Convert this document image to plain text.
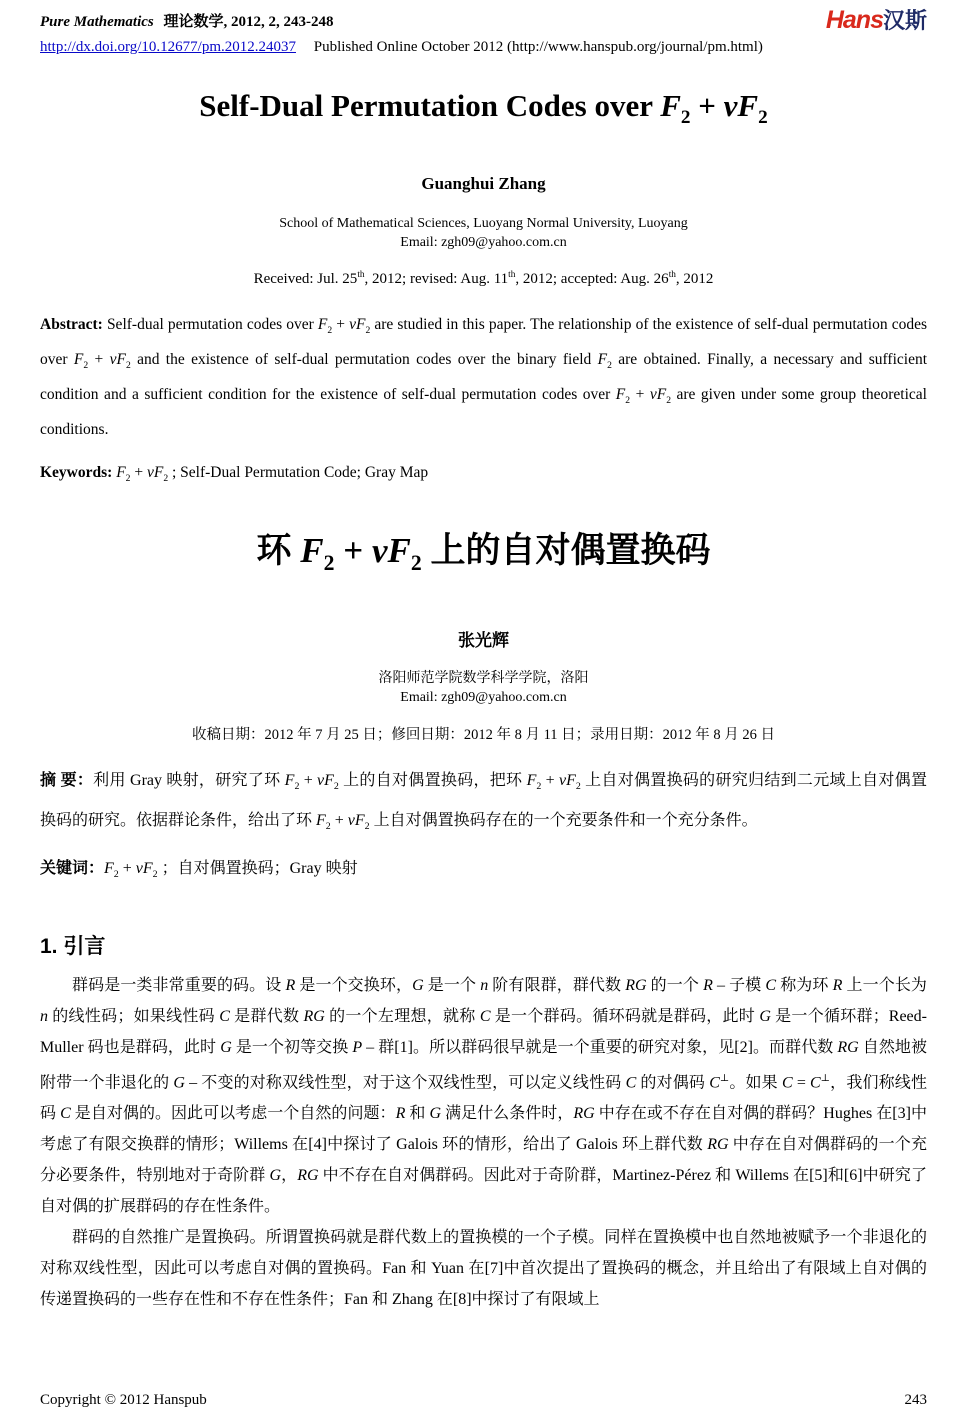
Pure Mathematics 理论数学, 2012, 2, 243-248	Hans汉斯
http://dx.doi.org/10.12677/pm.2012.24037 Published Online October 2012 (http://www.hanspub.org/journal/pm.html)
Self-Dual Permutation Codes over $F_2 + vF_2$
Guanghui Zhang
School of Mathematical Sciences, Luoyang Normal University, Luoyang
Email: zgh09@yahoo.com.cn
Received: Jul. 25th, 2012; revised: Aug. 11th, 2012; accepted: Aug. 26th, 2012
Abstract: Self-dual permutation codes over $F_2 + vF_2$ are studied in this paper. The relationship of the existence of self-dual permutation codes over $F_2 + vF_2$ and the existence of self-dual permutation codes over the binary field $F_2$ are obtained. Finally, a necessary and sufficient condition and a sufficient condition for the existence of self-dual permutation codes over $F_2 + vF_2$ are given under some group theoretical conditions.
Keywords: $F_2 + vF_2$ ; Self-Dual Permutation Code; Gray Map
环 $F_2 + vF_2$ 上的自对偶置换码
张光辉
洛阳师范学院数学科学学院，洛阳
Email: zgh09@yahoo.com.cn
收稿日期：2012 年 7 月 25 日；修回日期：2012 年 8 月 11 日；录用日期：2012 年 8 月 26 日
摘 要：利用 Gray 映射，研究了环 $F_2 + vF_2$ 上的自对偶置换码，把环 $F_2 + vF_2$ 上自对偶置换码的研究归结到二元域上自对偶置换码的研究。依据群论条件，给出了环 $F_2 + vF_2$ 上自对偶置换码存在的一个充要条件和一个充分条件。
关键词：$F_2 + vF_2$ ；自对偶置换码；Gray 映射
1. 引言

群码是一类非常重要的码。设 R 是一个交换环，G 是一个 n 阶有限群，群代数 RG 的一个 R – 子模 C 称为环 R 上一个长为 n 的线性码；如果线性码 C 是群代数 RG 的一个左理想，就称 C 是一个群码。循环码就是群码，此时 G 是一个循环群；Reed-Muller 码也是群码，此时 G 是一个初等交换 P – 群[1]。所以群码很早就是一个重要的研究对象，见[2]。而群代数 RG 自然地被附带一个非退化的 G – 不变的对称双线性型，对于这个双线性型，可以定义线性码 C 的对偶码 C⊥。如果 C = C⊥，我们称线性码 C 是自对偶的。因此可以考虑一个自然的问题：R 和 G 满足什么条件时，RG 中存在或不存在自对偶的群码？Hughes 在[3]中考虑了有限交换群的情形；Willems 在[4]中探讨了 Galois 环的情形，给出了 Galois 环上群代数 RG 中存在自对偶群码的一个充分必要条件，特别地对于奇阶群 G，RG 中不存在自对偶群码。因此对于奇阶群，Martinez-Pérez 和 Willems 在[5]和[6]中研究了自对偶的扩展群码的存在性条件。

群码的自然推广是置换码。所谓置换码就是群代数上的置换模的一个子模。同样在置换模中也自然地被赋予一个非退化的对称双线性型，因此可以考虑自对偶的置换码。Fan 和 Yuan 在[7]中首次提出了置换码的概念，并且给出了有限域上自对偶的传递置换码的一些存在性和不存在性条件；Fan 和 Zhang 在[8]中探讨了有限域上

Copyright © 2012 Hanspub	243
